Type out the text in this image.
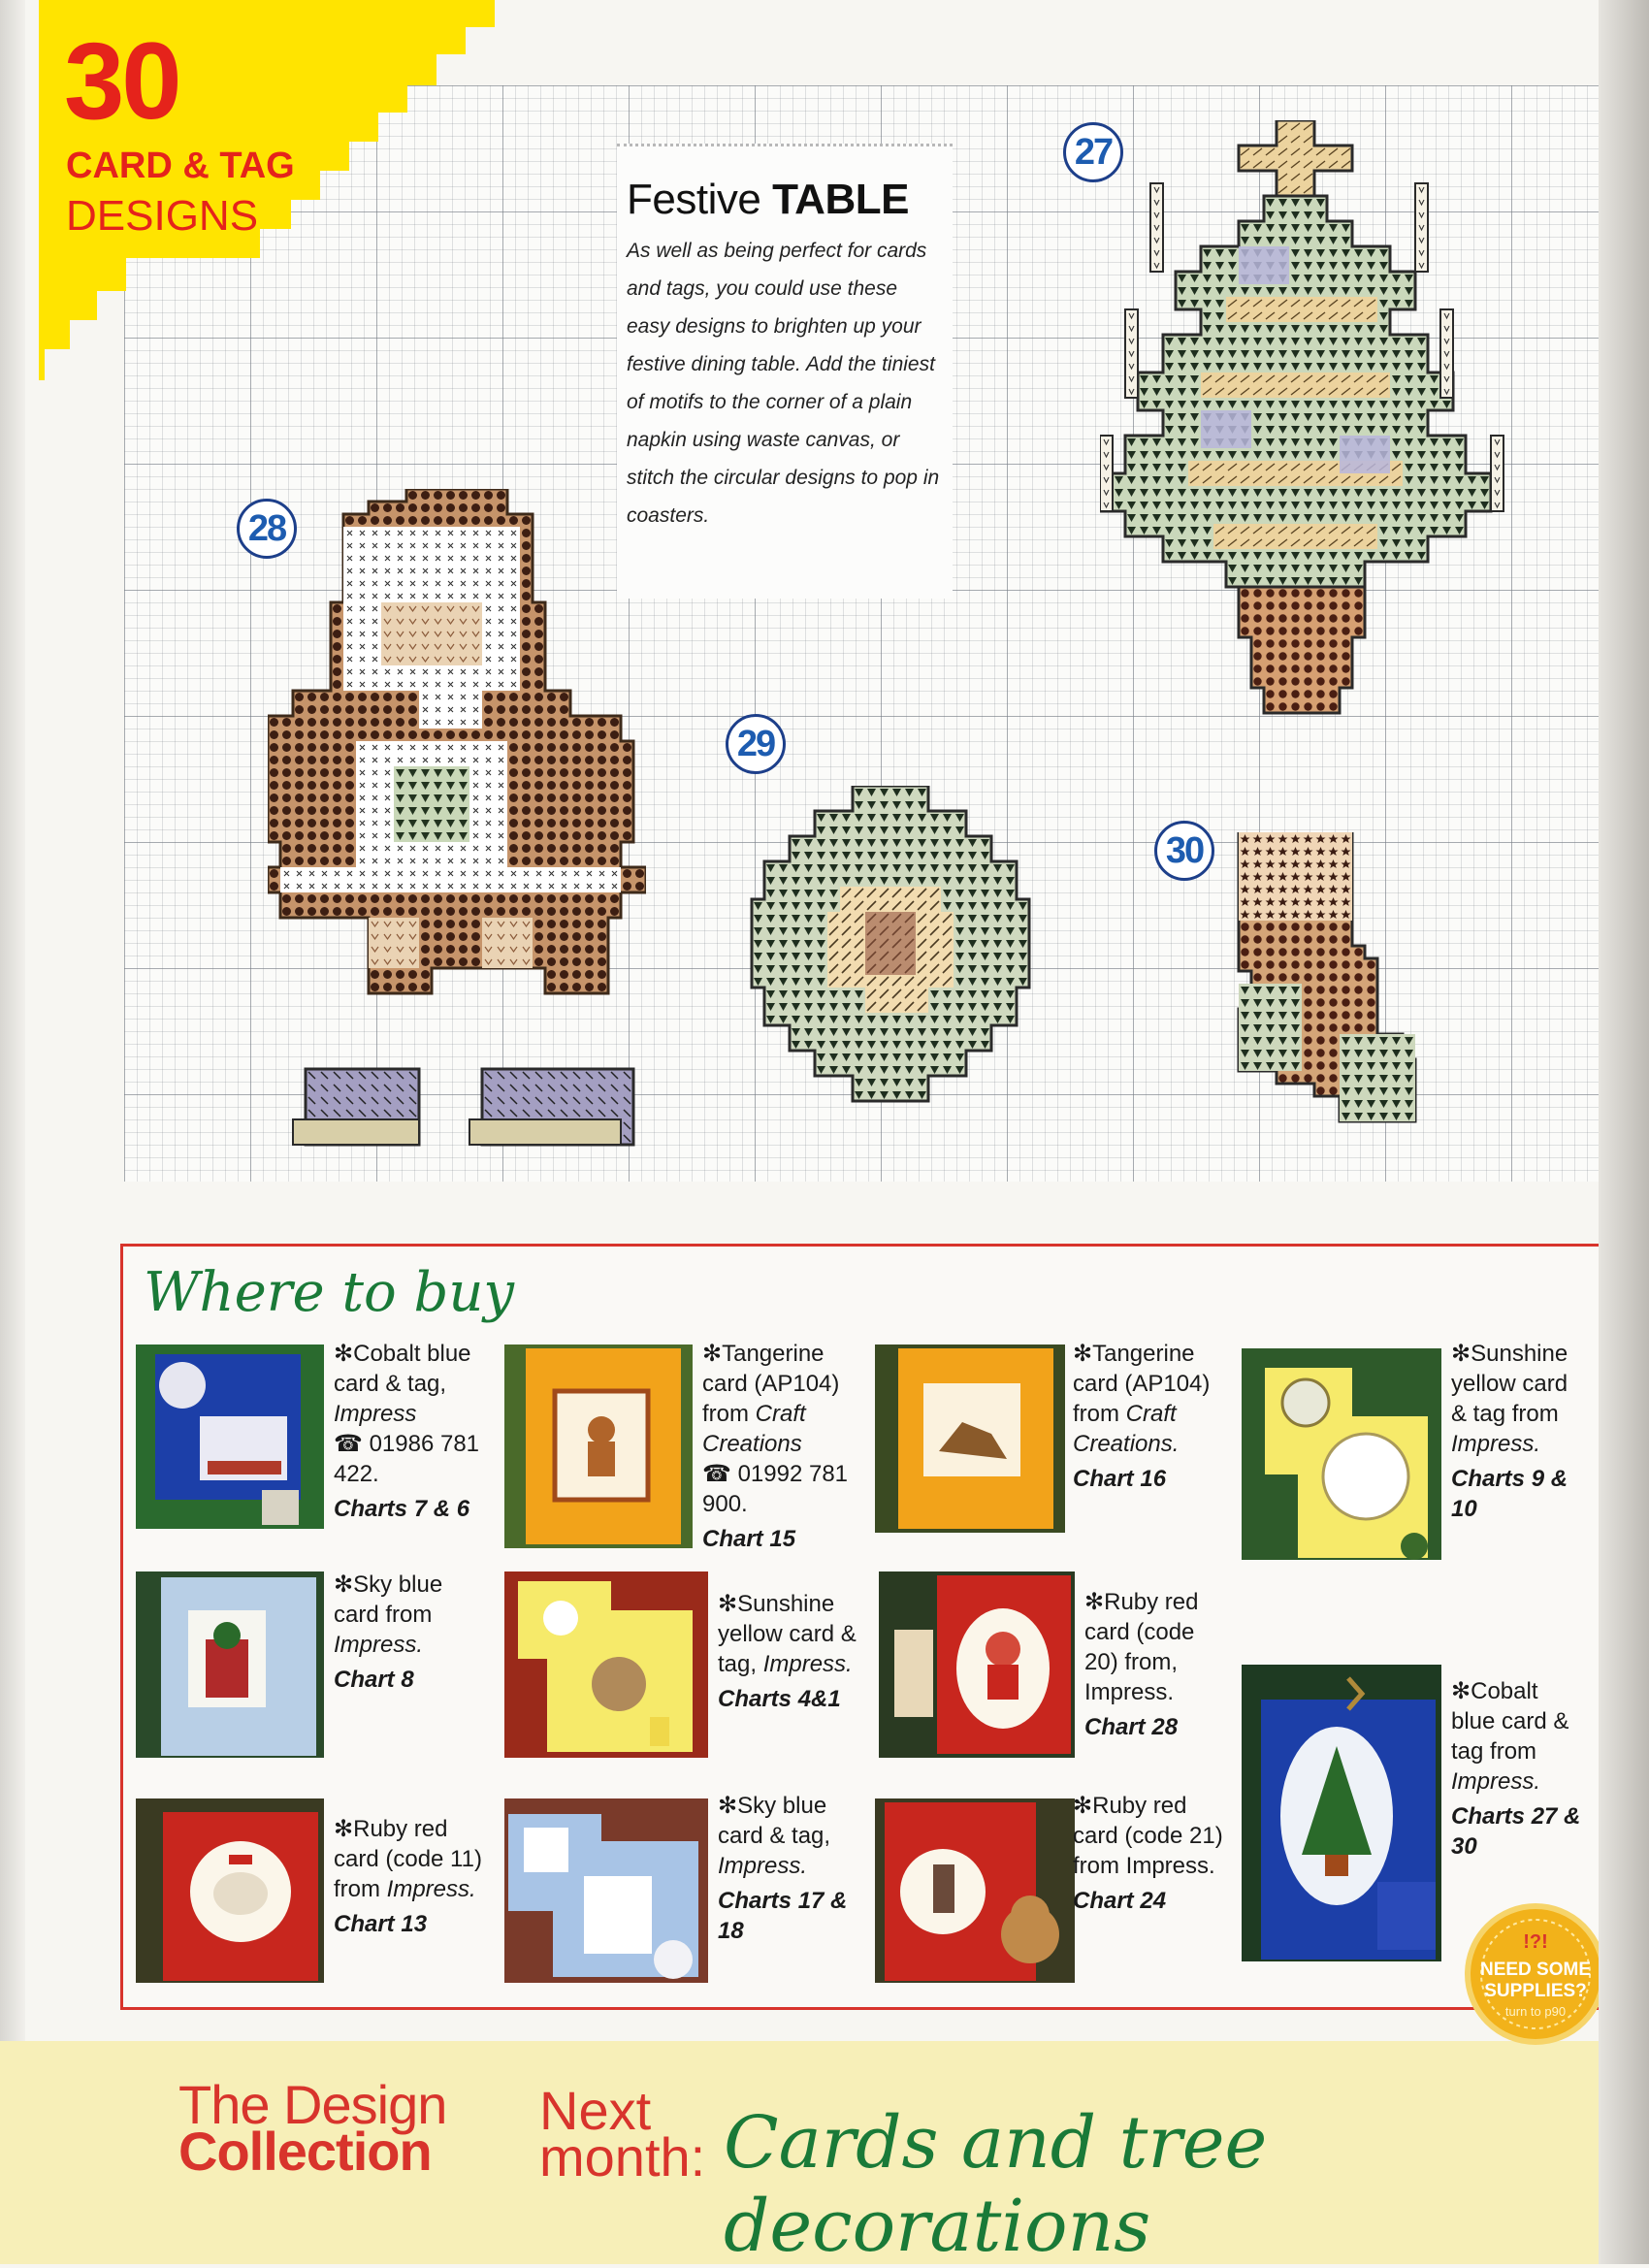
30
CARD & TAG
DESIGNS	Festive TABLE

As well as being perfect for cards and tags, you could use these easy designs to brighten up your festive dining table. Add the tiniest of motifs to the corner of a plain napkin using waste canvas, or stitch the circular designs to pop in coasters.

28
29
27
30
Where to buy
✻Cobalt blue card & tag, Impress
☎ 01986 781 422.
Charts 7 & 6
✻Tangerine card (AP104) from Craft Creations
☎ 01992 781 900.
Chart 15
✻Tangerine card (AP104) from Craft Creations.
Chart 16
✻Sunshine yellow card & tag from Impress.
Charts 9 & 10
✻Sky blue card from Impress.
Chart 8
✻Sunshine yellow card & tag, Impress.
Charts 4&1
✻Ruby red card (code 20) from, Impress.
Chart 28
✻Ruby red card (code 11) from Impress.
Chart 13
✻Sky blue card & tag, Impress.
Charts 17 & 18
✻Ruby red card (code 21) from Impress.
Chart 24
✻Cobalt blue card & tag from Impress.
Charts 27 & 30
The Design
Collection
Next
month: Cards and tree decorations
!?!
NEED SOME
SUPPLIES?
turn to p90
